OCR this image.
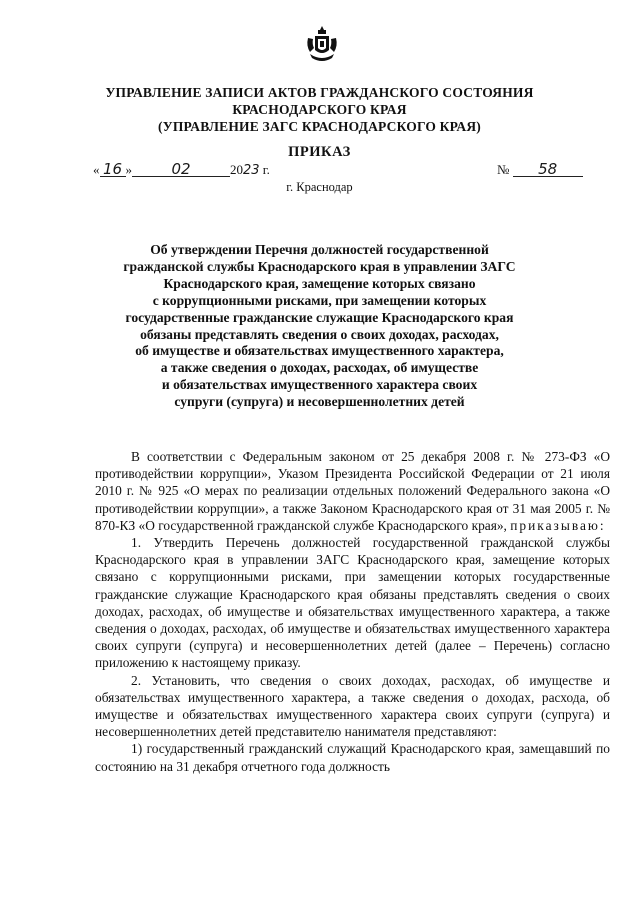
УПРАВЛЕНИЕ ЗАПИСИ АКТОВ ГРАЖДАНСКОГО СОСТОЯНИЯ
КРАСНОДАРСКОГО КРАЯ
(УПРАВЛЕНИЕ ЗАГС КРАСНОДАРСКОГО КРАЯ)
ПРИКАЗ
« 16 »	02	2023 г.	№ 58
г. Краснодар
Об утверждении Перечня должностей государственной
гражданской службы Краснодарского края в управлении ЗАГС
Краснодарского края, замещение которых связано
с коррупционными рисками, при замещении которых
государственные гражданские служащие Краснодарского края
обязаны представлять сведения о своих доходах, расходах,
об имуществе и обязательствах имущественного характера,
а также сведения о доходах, расходах, об имуществе
и обязательствах имущественного характера своих
супруги (супруга) и несовершеннолетних детей

В соответствии с Федеральным законом от 25 декабря 2008 г. № 273-ФЗ «О противодействии коррупции», Указом Президента Российской Федерации от 21 июля 2010 г. № 925 «О мерах по реализации отдельных положений Федерального закона «О противодействии коррупции», а также Законом Краснодарского края от 31 мая 2005 г. № 870-КЗ «О государственной гражданской службе Краснодарского края», приказываю:

1. Утвердить Перечень должностей государственной гражданской службы Краснодарского края в управлении ЗАГС Краснодарского края, замещение которых связано с коррупционными рисками, при замещении которых государственные гражданские служащие Краснодарского края обязаны представлять сведения о своих доходах, расходах, об имуществе и обязательствах имущественного характера, а также сведения о доходах, расходах, об имуществе и обязательствах имущественного характера своих супруги (супруга) и несовершеннолетних детей (далее – Перечень) согласно приложению к настоящему приказу.

2. Установить, что сведения о своих доходах, расходах, об имуществе и обязательствах имущественного характера, а также сведения о доходах, расхода, об имуществе и обязательствах имущественного характера своих супруги (супруга) и несовершеннолетних детей представителю нанимателя представляют:

1) государственный гражданский служащий Краснодарского края, замещавший по состоянию на 31 декабря отчетного года должность
